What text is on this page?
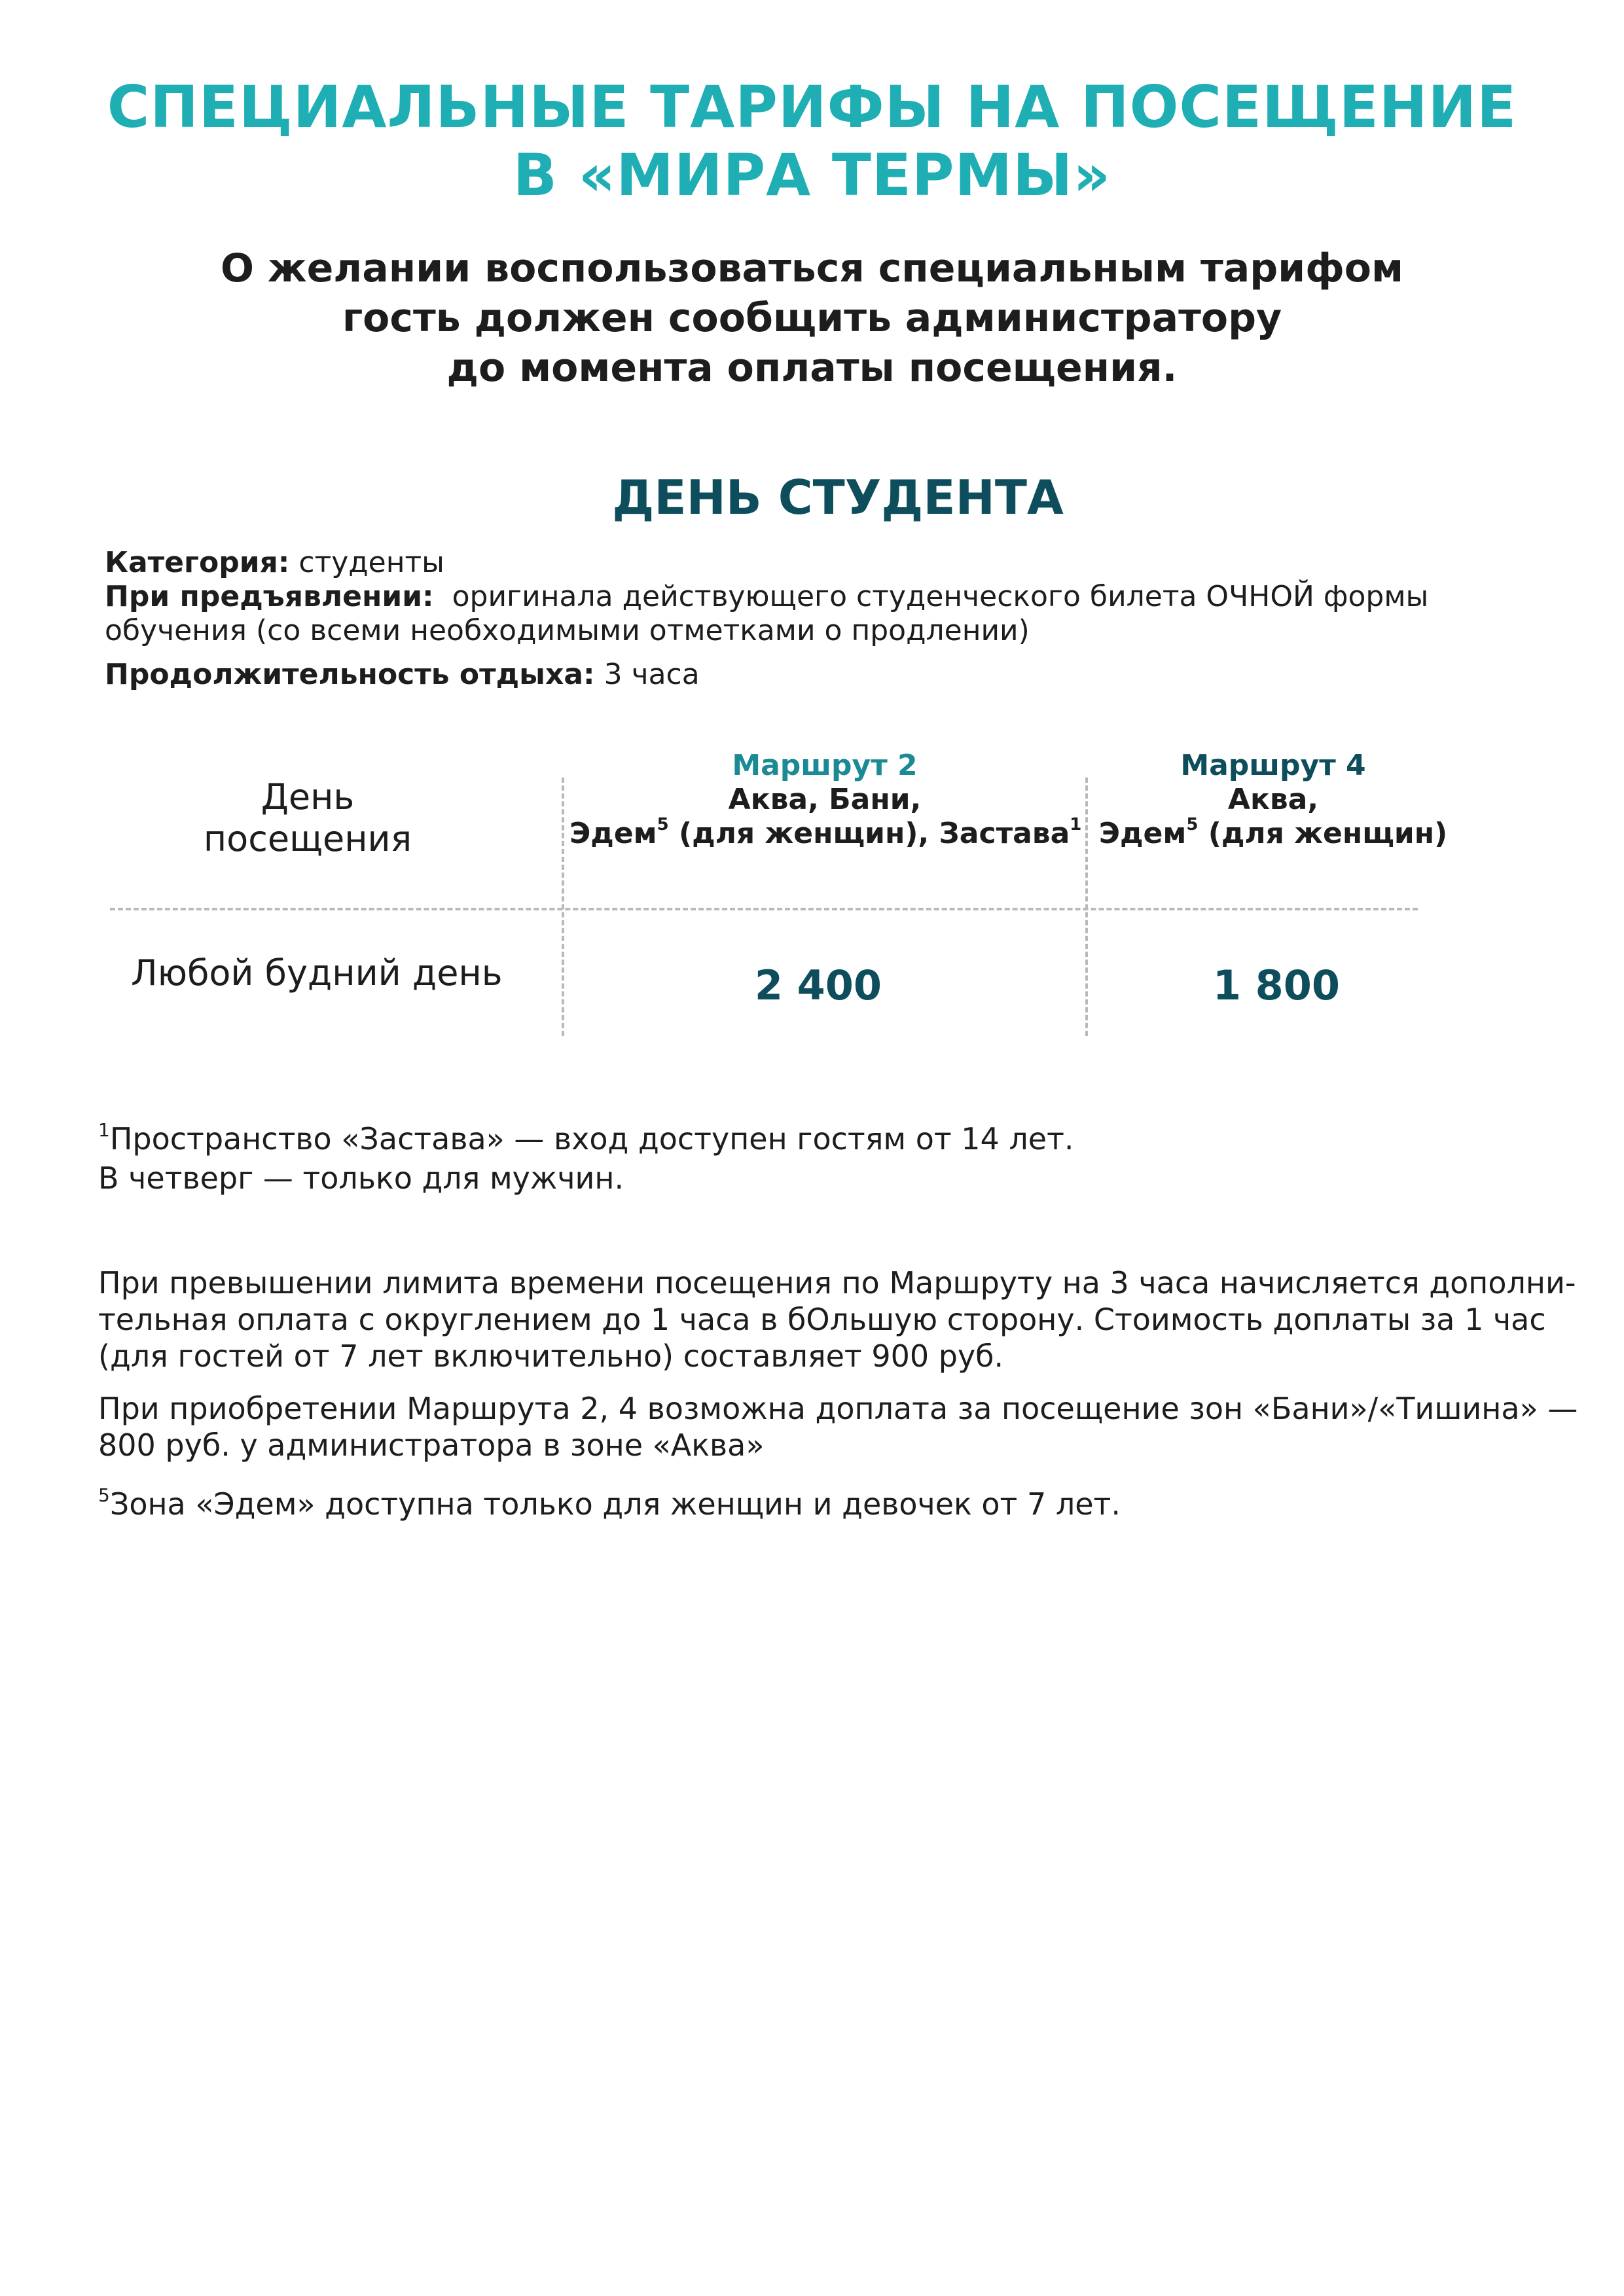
СПЕЦИАЛЬНЫЕ ТАРИФЫ НА ПОСЕЩЕНИЕ
В «МИРА ТЕРМЫ»
О желании воспользоваться специальным тарифом
гость должен сообщить администратору
до момента оплаты посещения.
ДЕНЬ СТУДЕНТА
Категория: студенты
При предъявлении:  оригинала действующего студенческого билета ОЧНОЙ формы
обучения (со всеми необходимыми отметками о продлении)
Продолжительность отдыха: 3 часа
День
посещения
Маршрут 2
Аква, Бани,
Эдем$^5$ (для женщин), Застава$^1$
Маршрут 4
Аква,
Эдем$^5$ (для женщин)
Любой будний день	2 400	1 800
$^1$Пространство «Застава» — вход доступен гостям от 14 лет.
В четверг — только для мужчин.
При превышении лимита времени посещения по Маршруту на 3 часа начисляется дополни-
тельная оплата с округлением до 1 часа в бОльшую сторону. Стоимость доплаты за 1 час
(для гостей от 7 лет включительно) составляет 900 руб.
При приобретении Маршрута 2, 4 возможна доплата за посещение зон «Бани»/«Тишина» —
800 руб. у администратора в зоне «Аква»
$^5$Зона «Эдем» доступна только для женщин и девочек от 7 лет.
